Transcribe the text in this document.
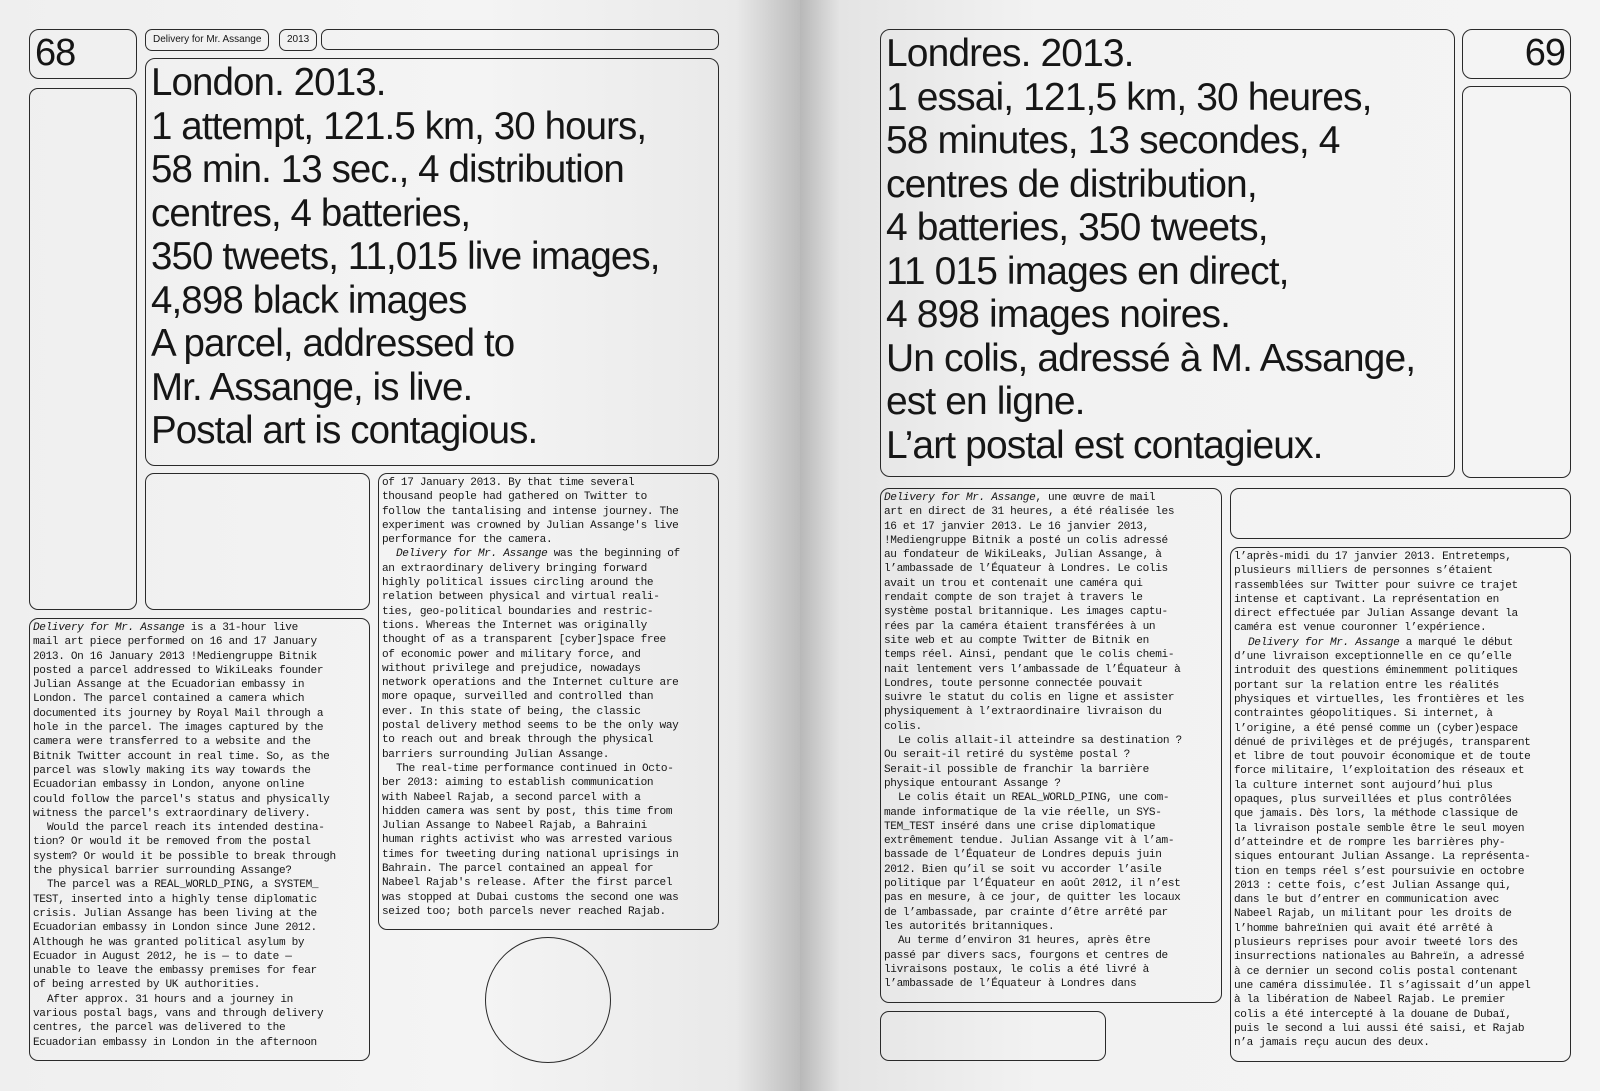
68	Delivery for Mr. Assange	2013
London. 2013.
1 attempt, 121.5 km, 30 hours,
58 min. 13 sec., 4 distribution
centres, 4 batteries,
350 tweets, 11,015 live images,
4,898 black images
A parcel, addressed to
Mr. Assange, is live.
Postal art is contagious.

Delivery for Mr. Assange is a 31-hour live

mail art piece performed on 16 and 17 January

2013. On 16 January 2013 !Mediengruppe Bitnik

posted a parcel addressed to WikiLeaks founder

Julian Assange at the Ecuadorian embassy in

London. The parcel contained a camera which

documented its journey by Royal Mail through a

hole in the parcel. The images captured by the

camera were transferred to a website and the

Bitnik Twitter account in real time. So, as the

parcel was slowly making its way towards the

Ecuadorian embassy in London, anyone online

could follow the parcel's status and physically

witness the parcel's extraordinary delivery.

Would the parcel reach its intended destina-

tion? Or would it be removed from the postal

system? Or would it be possible to break through

the physical barrier surrounding Assange?

The parcel was a REAL_WORLD_PING, a SYSTEM_

TEST, inserted into a highly tense diplomatic

crisis. Julian Assange has been living at the

Ecuadorian embassy in London since June 2012.

Although he was granted political asylum by

Ecuador in August 2012, he is — to date —

unable to leave the embassy premises for fear

of being arrested by UK authorities.

After approx. 31 hours and a journey in

various postal bags, vans and through delivery

centres, the parcel was delivered to the

Ecuadorian embassy in London in the afternoon

of 17 January 2013. By that time several

thousand people had gathered on Twitter to

follow the tantalising and intense journey. The

experiment was crowned by Julian Assange's live

performance for the camera.

Delivery for Mr. Assange was the beginning of

an extraordinary delivery bringing forward

highly political issues circling around the

relation between physical and virtual reali-

ties, geo-political boundaries and restric-

tions. Whereas the Internet was originally

thought of as a transparent [cyber]space free

of economic power and military force, and

without privilege and prejudice, nowadays

network operations and the Internet culture are

more opaque, surveilled and controlled than

ever. In this state of being, the classic

postal delivery method seems to be the only way

to reach out and break through the physical

barriers surrounding Julian Assange.

The real-time performance continued in Octo-

ber 2013: aiming to establish communication

with Nabeel Rajab, a second parcel with a

hidden camera was sent by post, this time from

Julian Assange to Nabeel Rajab, a Bahraini

human rights activist who was arrested various

times for tweeting during national uprisings in

Bahrain. The parcel contained an appeal for

Nabeel Rajab's release. After the first parcel

was stopped at Dubai customs the second one was

seized too; both parcels never reached Rajab.

Londres. 2013.
1 essai, 121,5 km, 30 heures,
58 minutes, 13 secondes, 4
centres de distribution,
4 batteries, 350 tweets,
11 015 images en direct,
4 898 images noires.
Un colis, adressé à M. Assange,
est en ligne.
L’art postal est contagieux.
69

Delivery for Mr. Assange, une œuvre de mail

art en direct de 31 heures, a été réalisée les

16 et 17 janvier 2013. Le 16 janvier 2013,

!Mediengruppe Bitnik a posté un colis adressé

au fondateur de WikiLeaks, Julian Assange, à

l’ambassade de l’Équateur à Londres. Le colis

avait un trou et contenait une caméra qui

rendait compte de son trajet à travers le

système postal britannique. Les images captu-

rées par la caméra étaient transférées à un

site web et au compte Twitter de Bitnik en

temps réel. Ainsi, pendant que le colis chemi-

nait lentement vers l’ambassade de l’Équateur à

Londres, toute personne connectée pouvait

suivre le statut du colis en ligne et assister

physiquement à l’extraordinaire livraison du

colis.

Le colis allait-il atteindre sa destination ?

Ou serait-il retiré du système postal ?

Serait-il possible de franchir la barrière

physique entourant Assange ?

Le colis était un REAL_WORLD_PING, une com-

mande informatique de la vie réelle, un SYS-

TEM_TEST inséré dans une crise diplomatique

extrêmement tendue. Julian Assange vit à l’am-

bassade de l’Équateur de Londres depuis juin

2012. Bien qu’il se soit vu accorder l’asile

politique par l’Équateur en août 2012, il n’est

pas en mesure, à ce jour, de quitter les locaux

de l’ambassade, par crainte d’être arrêté par

les autorités britanniques.

Au terme d’environ 31 heures, après être

passé par divers sacs, fourgons et centres de

livraisons postaux, le colis a été livré à

l’ambassade de l’Équateur à Londres dans

l’après-midi du 17 janvier 2013. Entretemps,

plusieurs milliers de personnes s’étaient

rassemblées sur Twitter pour suivre ce trajet

intense et captivant. La représentation en

direct effectuée par Julian Assange devant la

caméra est venue couronner l’expérience.

Delivery for Mr. Assange a marqué le début

d’une livraison exceptionnelle en ce qu’elle

introduit des questions éminemment politiques

portant sur la relation entre les réalités

physiques et virtuelles, les frontières et les

contraintes géopolitiques. Si internet, à

l’origine, a été pensé comme un (cyber)espace

dénué de privilèges et de préjugés, transparent

et libre de tout pouvoir économique et de toute

force militaire, l’exploitation des réseaux et

la culture internet sont aujourd’hui plus

opaques, plus surveillées et plus contrôlées

que jamais. Dès lors, la méthode classique de

la livraison postale semble être le seul moyen

d’atteindre et de rompre les barrières phy-

siques entourant Julian Assange. La représenta-

tion en temps réel s’est poursuivie en octobre

2013 : cette fois, c’est Julian Assange qui,

dans le but d’entrer en communication avec

Nabeel Rajab, un militant pour les droits de

l’homme bahreïnien qui avait été arrêté à

plusieurs reprises pour avoir tweeté lors des

insurrections nationales au Bahreïn, a adressé

à ce dernier un second colis postal contenant

une caméra dissimulée. Il s’agissait d’un appel

à la libération de Nabeel Rajab. Le premier

colis a été intercepté à la douane de Dubaï,

puis le second a lui aussi été saisi, et Rajab

n’a jamais reçu aucun des deux.
